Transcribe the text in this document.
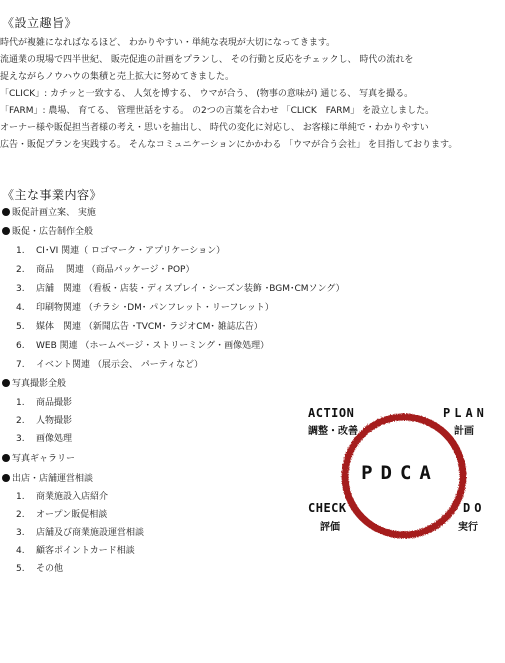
《設立趣旨》
時代が複雑になればなるほど、 わかりやすい・単純な表現が大切になってきます。
流通業の現場で四半世紀、 販売促進の計画をプランし、 その行動と反応をチェックし、 時代の流れを
捉えながらノウハウの集積と売上拡大に努めてきました。
「CLICK」: カチッと一致する、 人気を博する、 ウマが合う、 (物事の意味が) 通じる、 写真を撮る。
「FARM」: 農場、 育てる、 管理世話をする。 の2つの言葉を合わせ 「CLICK　FARM」 を設立しました。
オーナー様や販促担当者様の考え・思いを抽出し、 時代の変化に対応し、 お客様に単純で・わかりやすい
広告・販促プランを実践する。 そんなコミュニケーションにかかわる 「ウマが合う会社」 を目指しております。
《主な事業内容》
販促計画立案、 実施
販促・広告制作全般
1. CI･VI 関連（ ロゴマーク・アプリケーション）
2. 商品　 関連 （商品パッケージ・POP）
3. 店舗　関連 （看板・店装・ディスプレイ・シーズン装飾 ･BGM･CMソング）
4. 印刷物関連 （チラシ ･DM･ パンフレット・リーフレット）
5. 媒体　関連 （新聞広告 ･TVCM･ ラジオCM･ 雑誌広告）
6. WEB 関連 （ホームページ・ストリーミング・画像処理）
7. イベント関連 （展示会、 パーティなど）
写真撮影全般
1. 商品撮影
2. 人物撮影
3. 画像処理
写真ギャラリー
出店・店舗運営相談
1. 商業施設入店紹介
2. オープン販促相談
3. 店舗及び商業施設運営相談
4. 顧客ポイントカード相談
5. その他
ACTION
調整・改善
PLAN
計画
PDCA
CHECK
評価
DO
実行
